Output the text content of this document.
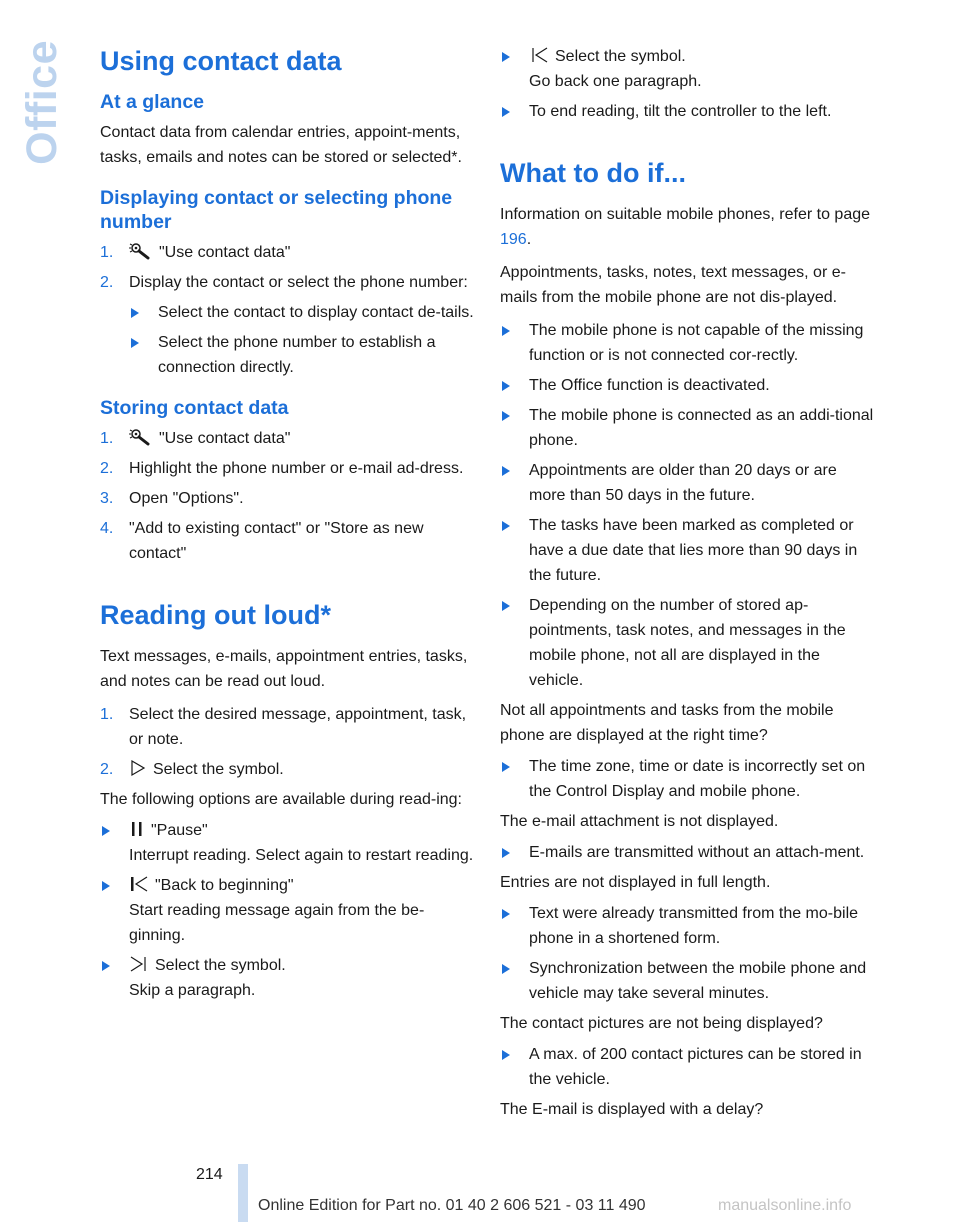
Office Using contact data
At a glance
Contact data from calendar entries, appoint-ments, tasks, emails and notes can be stored or selected*.
Displaying contact or selecting phone number
1.	"Use contact data"
2. Display the contact or select the phone number:
Select the contact to display contact de-tails.
Select the phone number to establish a connection directly.
Storing contact data
1.	"Use contact data"
2. Highlight the phone number or e-mail ad-dress.
3. Open "Options".
4. "Add to existing contact" or "Store as new contact"
Reading out loud*
Text messages, e-mails, appointment entries, tasks, and notes can be read out loud.
1. Select the desired message, appointment, task, or note.
2. Select the symbol.
The following options are available during read-ing:
"Pause"
Interrupt reading. Select again to restart reading.
"Back to beginning"
Start reading message again from the be-ginning.
Select the symbol.
Skip a paragraph.
Select the symbol.
Go back one paragraph.
To end reading, tilt the controller to the left.
What to do if...
Information on suitable mobile phones, refer to page 196.
Appointments, tasks, notes, text messages, or e-mails from the mobile phone are not dis-played.
The mobile phone is not capable of the missing function or is not connected cor-rectly.
The Office function is deactivated.
The mobile phone is connected as an addi-tional phone.
Appointments are older than 20 days or are more than 50 days in the future.
The tasks have been marked as completed or have a due date that lies more than 90 days in the future.
Depending on the number of stored ap-pointments, task notes, and messages in the mobile phone, not all are displayed in the vehicle.
Not all appointments and tasks from the mobile phone are displayed at the right time?
The time zone, time or date is incorrectly set on the Control Display and mobile phone.
The e-mail attachment is not displayed.
E-mails are transmitted without an attach-ment.
Entries are not displayed in full length.
Text were already transmitted from the mo-bile phone in a shortened form.
Synchronization between the mobile phone and vehicle may take several minutes.
The contact pictures are not being displayed?
A max. of 200 contact pictures can be stored in the vehicle.
The E-mail is displayed with a delay?
214
Online Edition for Part no. 01 40 2 606 521 - 03 11 490	manualsonline.info
